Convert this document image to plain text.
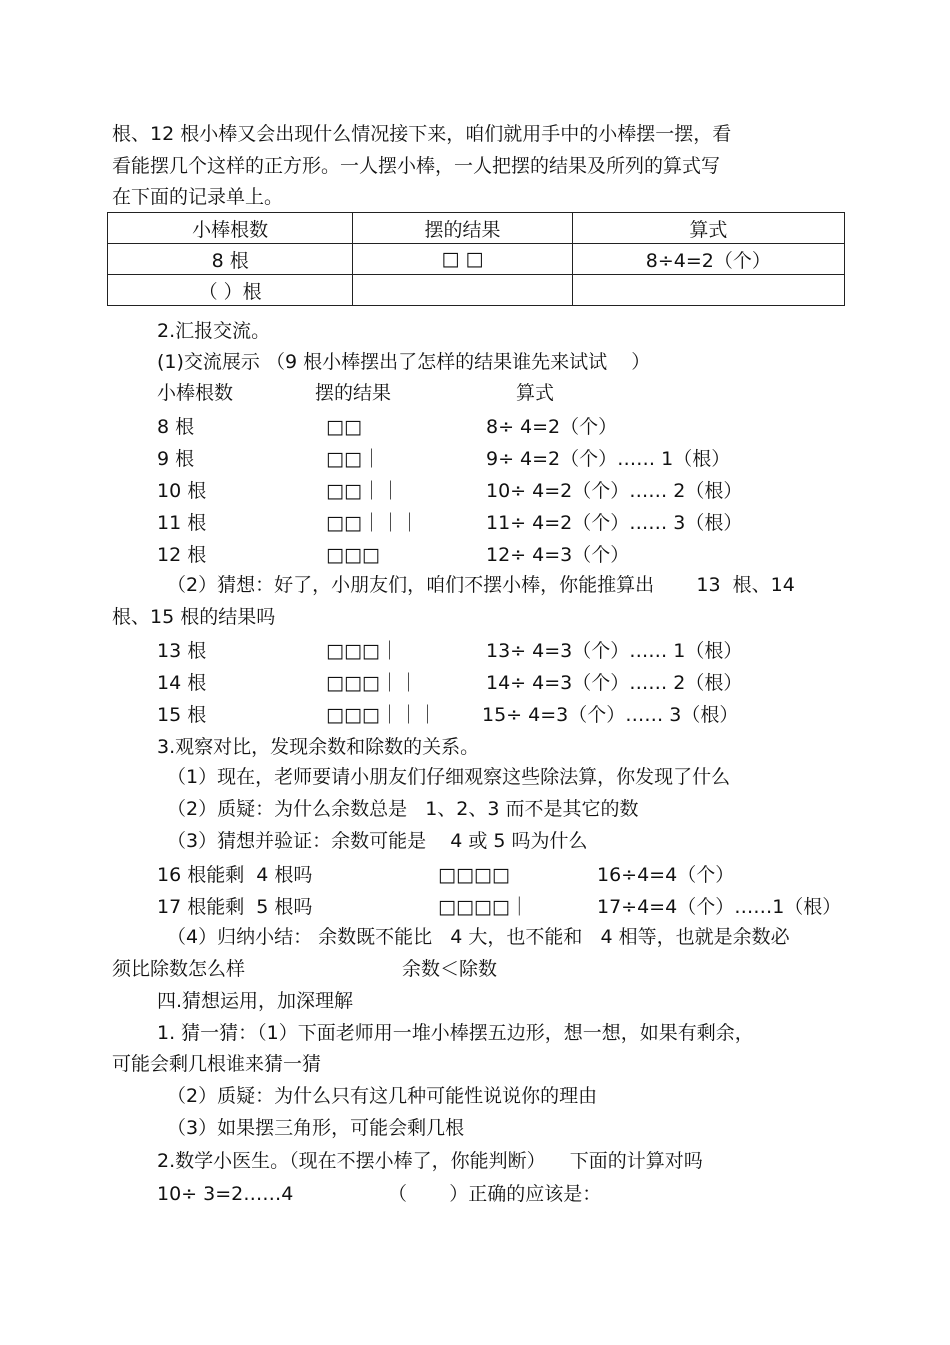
根、12 根小棒又会出现什么情况接下来，咱们就用手中的小棒摆一摆，看
看能摆几个这样的正方形。一人摆小棒，一人把摆的结果及所列的算式写
在下面的记录单上。
小棒根数	摆的结果	算式
8 根	□ □	8÷4=2（个）
（ ）根		
2.汇报交流。
(1)交流展示 （9 根小棒摆出了怎样的结果谁先来试试    ）
小棒根数	摆的结果	算式
8 根	□□	8÷ 4=2（个）
9 根	□□｜	9÷ 4=2（个）…… 1（根）
10 根	□□｜｜	10÷ 4=2（个）…… 2（根）
11 根	□□｜｜｜	11÷ 4=2（个）…… 3（根）
12 根	□□□	12÷ 4=3（个）
（2）猜想：好了，小朋友们，咱们不摆小棒，你能推算出       13  根、14
根、15 根的结果吗
13 根	□□□｜	13÷ 4=3（个）…… 1（根）
14 根	□□□｜｜	14÷ 4=3（个）…… 2（根）
15 根	□□□｜｜｜ 15÷ 4=3（个）…… 3（根）
3.观察对比，发现余数和除数的关系。
（1）现在，老师要请小朋友们仔细观察这些除法算，你发现了什么
（2）质疑：为什么余数总是   1、2、3 而不是其它的数
（3）猜想并验证：余数可能是    4 或 5 吗为什么
16 根能剩  4 根吗	□□□□	16÷4=4（个）
17 根能剩  5 根吗	□□□□｜	17÷4=4（个）……1（根）
（4）归纳小结： 余数既不能比   4 大，也不能和   4 相等，也就是余数必
须比除数怎么样	余数＜除数
四.猜想运用，加深理解
1. 猜一猜：（1）下面老师用一堆小棒摆五边形，想一想，如果有剩余，
可能会剩几根谁来猜一猜
（2）质疑：为什么只有这几种可能性说说你的理由
（3）如果摆三角形，可能会剩几根
2.数学小医生。（现在不摆小棒了，你能判断）    下面的计算对吗
10÷ 3=2……4	（       ）正确的应该是：
